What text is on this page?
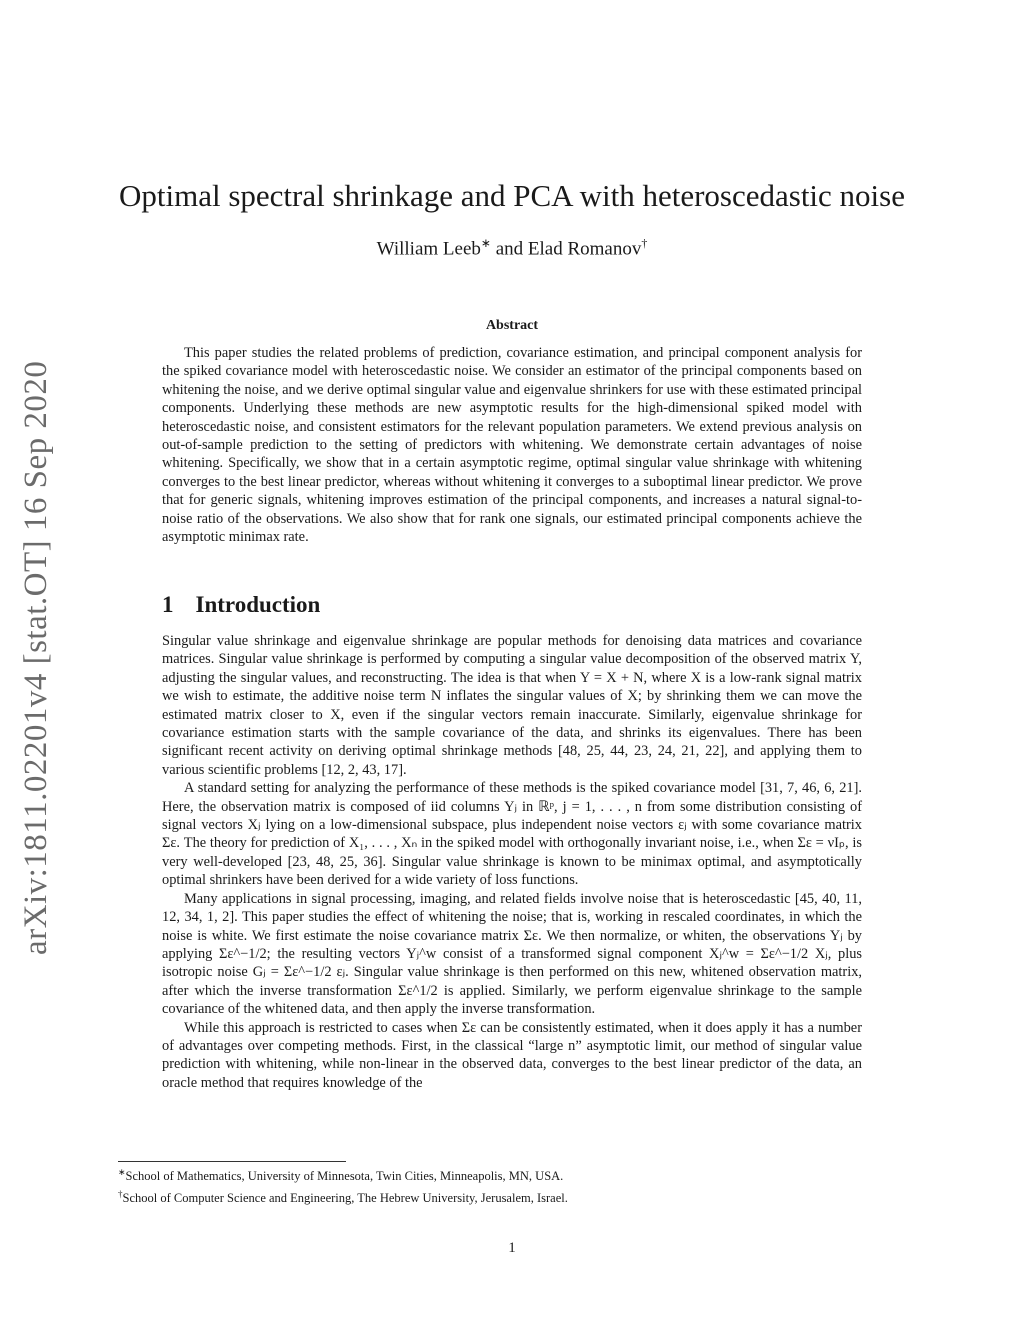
arXiv:1811.02201v4 [stat.OT] 16 Sep 2020
Optimal spectral shrinkage and PCA with heteroscedastic noise
William Leeb∗ and Elad Romanov†
Abstract

This paper studies the related problems of prediction, covariance estimation, and principal component analysis for the spiked covariance model with heteroscedastic noise. We consider an estimator of the principal components based on whitening the noise, and we derive optimal singular value and eigenvalue shrinkers for use with these estimated principal components. Underlying these methods are new asymptotic results for the high-dimensional spiked model with heteroscedastic noise, and consistent estimators for the relevant population parameters. We extend previous analysis on out-of-sample prediction to the setting of predictors with whitening. We demonstrate certain advantages of noise whitening. Specifically, we show that in a certain asymptotic regime, optimal singular value shrinkage with whitening converges to the best linear predictor, whereas without whitening it converges to a suboptimal linear predictor. We prove that for generic signals, whitening improves estimation of the principal components, and increases a natural signal-to-noise ratio of the observations. We also show that for rank one signals, our estimated principal components achieve the asymptotic minimax rate.

1 Introduction

Singular value shrinkage and eigenvalue shrinkage are popular methods for denoising data matrices and covariance matrices. Singular value shrinkage is performed by computing a singular value decomposition of the observed matrix Y, adjusting the singular values, and reconstructing. The idea is that when Y = X + N, where X is a low-rank signal matrix we wish to estimate, the additive noise term N inflates the singular values of X; by shrinking them we can move the estimated matrix closer to X, even if the singular vectors remain inaccurate. Similarly, eigenvalue shrinkage for covariance estimation starts with the sample covariance of the data, and shrinks its eigenvalues. There has been significant recent activity on deriving optimal shrinkage methods [48, 25, 44, 23, 24, 21, 22], and applying them to various scientific problems [12, 2, 43, 17].

A standard setting for analyzing the performance of these methods is the spiked covariance model [31, 7, 46, 6, 21]. Here, the observation matrix is composed of iid columns Yⱼ in ℝᵖ, j = 1, . . . , n from some distribution consisting of signal vectors Xⱼ lying on a low-dimensional subspace, plus independent noise vectors εⱼ with some covariance matrix Σε. The theory for prediction of X₁, . . . , Xₙ in the spiked model with orthogonally invariant noise, i.e., when Σε = νIₚ, is very well-developed [23, 48, 25, 36]. Singular value shrinkage is known to be minimax optimal, and asymptotically optimal shrinkers have been derived for a wide variety of loss functions.

Many applications in signal processing, imaging, and related fields involve noise that is heteroscedastic [45, 40, 11, 12, 34, 1, 2]. This paper studies the effect of whitening the noise; that is, working in rescaled coordinates, in which the noise is white. We first estimate the noise covariance matrix Σε. We then normalize, or whiten, the observations Yⱼ by applying Σε^−1/2; the resulting vectors Yⱼ^w consist of a transformed signal component Xⱼ^w = Σε^−1/2 Xⱼ, plus isotropic noise Gⱼ = Σε^−1/2 εⱼ. Singular value shrinkage is then performed on this new, whitened observation matrix, after which the inverse transformation Σε^1/2 is applied. Similarly, we perform eigenvalue shrinkage to the sample covariance of the whitened data, and then apply the inverse transformation.

While this approach is restricted to cases when Σε can be consistently estimated, when it does apply it has a number of advantages over competing methods. First, in the classical “large n” asymptotic limit, our method of singular value prediction with whitening, while non-linear in the observed data, converges to the best linear predictor of the data, an oracle method that requires knowledge of the

∗School of Mathematics, University of Minnesota, Twin Cities, Minneapolis, MN, USA.
†School of Computer Science and Engineering, The Hebrew University, Jerusalem, Israel.
1
